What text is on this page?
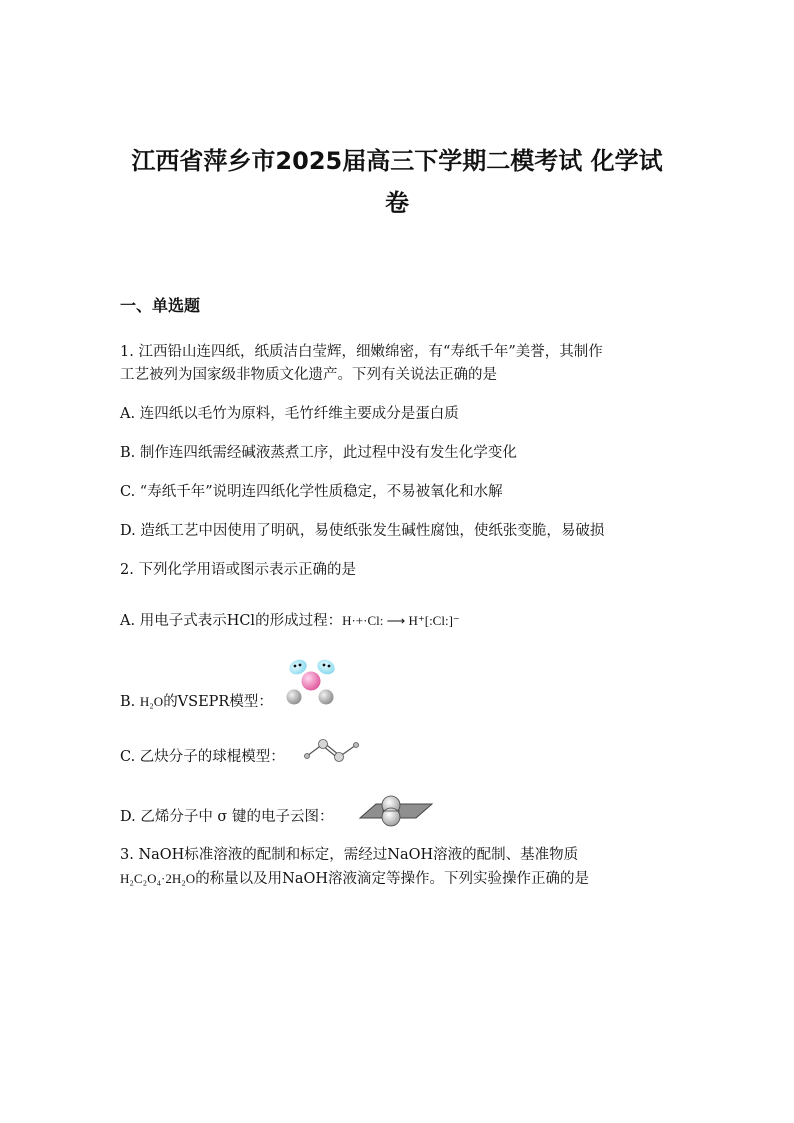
江西省萍乡市2025届高三下学期二模考试 化学试
卷
一、单选题
1. 江西铅山连四纸，纸质洁白莹辉，细嫩绵密，有“寿纸千年”美誉，其制作
工艺被列为国家级非物质文化遗产。下列有关说法正确的是
A. 连四纸以毛竹为原料，毛竹纤维主要成分是蛋白质
B. 制作连四纸需经碱液蒸煮工序，此过程中没有发生化学变化
C. “寿纸千年”说明连四纸化学性质稳定，不易被氧化和水解
D. 造纸工艺中因使用了明矾，易使纸张发生碱性腐蚀，使纸张变脆，易破损
2. 下列化学用语或图示表示正确的是
A. 用电子式表示HCl的形成过程：H·+·Cl: ⟶ H⁺[:Cl:]⁻
B. H₂O的VSEPR模型：
C. 乙炔分子的球棍模型：
D. 乙烯分子中 σ 键的电子云图：
3. NaOH标准溶液的配制和标定，需经过NaOH溶液的配制、基准物质
H₂C₂O₄·2H₂O的称量以及用NaOH溶液滴定等操作。下列实验操作正确的是
